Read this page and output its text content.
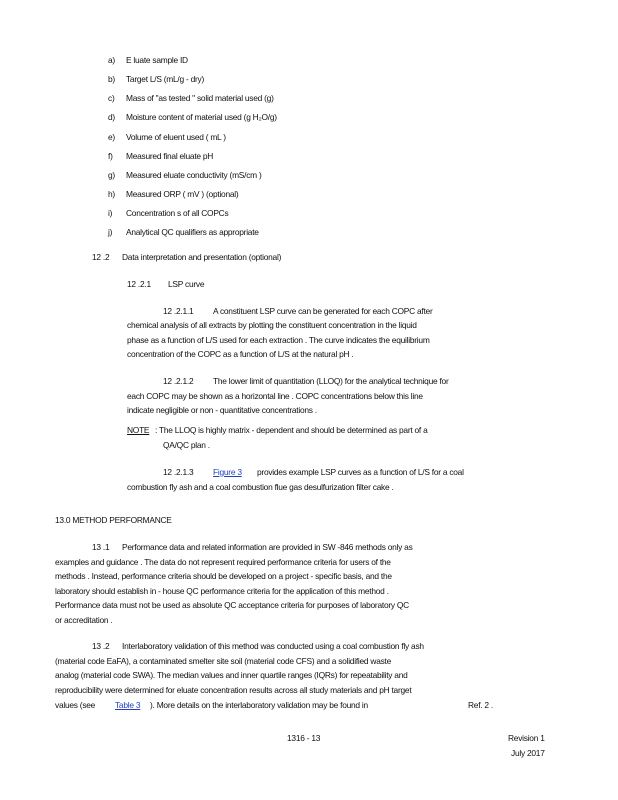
a) E luate sample ID
b) Target L/S (mL/g - dry)
c) Mass of "as tested " solid material used (g)
d) Moisture content of material used (g H₂O/g)
e) Volume of eluent used ( mL )
f) Measured final eluate pH
g) Measured eluate conductivity (mS/cm )
h) Measured ORP ( mV ) (optional)
i) Concentration s of all COPCs
j) Analytical QC qualifiers as appropriate
12 .2 Data interpretation and presentation (optional)
12 .2.1 LSP curve
12 .2.1.1 A constituent LSP curve can be generated for each COPC after
chemical analysis of all extracts by plotting the constituent concentration in the liquid
phase as a function of L/S used for each extraction . The curve indicates the equilibrium
concentration of the COPC as a function of L/S at the natural pH .
12 .2.1.2 The lower limit of quantitation (LLOQ) for the analytical technique for
each COPC may be shown as a horizontal line . COPC concentrations below this line
indicate negligible or non - quantitative concentrations .
NOTE : The LLOQ is highly matrix - dependent and should be determined as part of a
QA/QC plan .
12 .2.1.3 Figure 3 provides example LSP curves as a function of L/S for a coal
combustion fly ash and a coal combustion flue gas desulfurization filter cake .
13.0 METHOD PERFORMANCE
13 .1 Performance data and related information are provided in SW -846 methods only as
examples and guidance . The data do not represent required performance criteria for users of the
methods . Instead, performance criteria should be developed on a project - specific basis, and the
laboratory should establish in - house QC performance criteria for the application of this method .
Performance data must not be used as absolute QC acceptance criteria for purposes of laboratory QC
or accreditation .
13 .2 Interlaboratory validation of this method was conducted using a coal combustion fly ash
(material code EaFA), a contaminated smelter site soil (material code CFS) and a solidified waste
analog (material code SWA). The median values and inner quartile ranges (IQRs) for repeatability and
reproducibility were determined for eluate concentration results across all study materials and pH target
values (see Table 3 ). More details on the interlaboratory validation may be found in	Ref. 2 .
1316 - 13	Revision 1
July 2017
